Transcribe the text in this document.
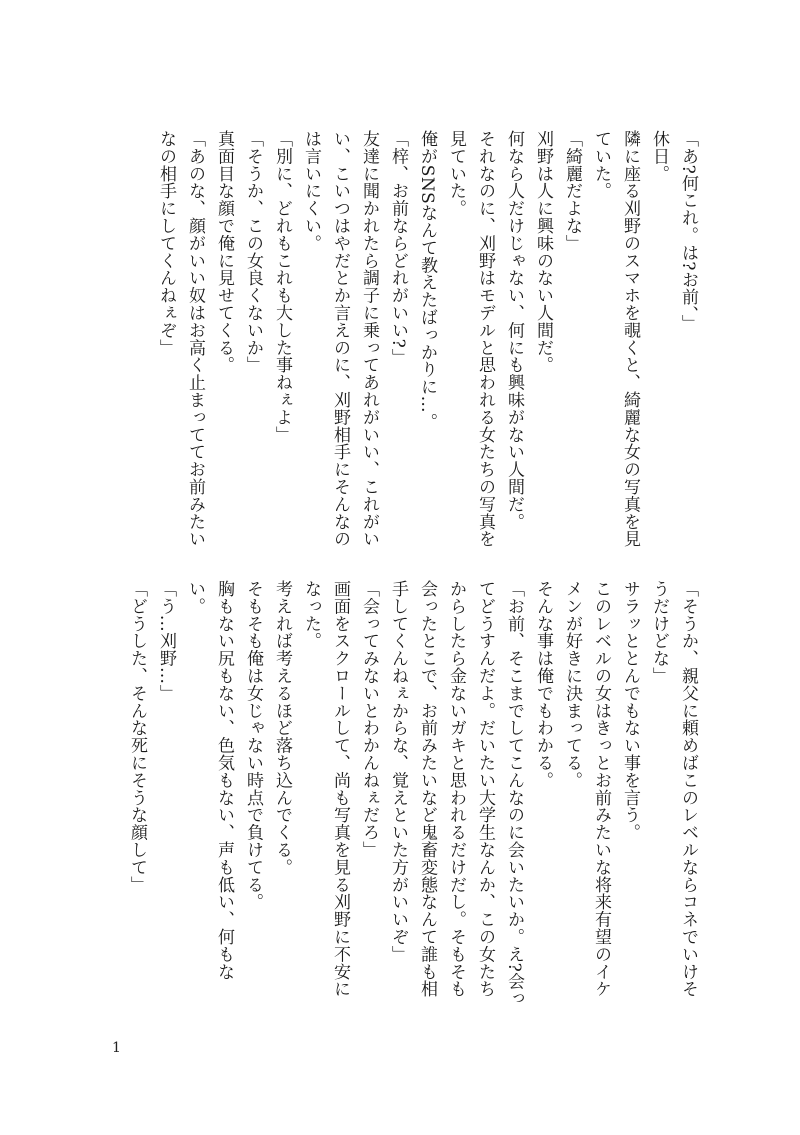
「あ?何これ。は?お前、」

休日。

隣に座る刈野のスマホを覗くと、綺麗な女の写真を見ていた。

「綺麗だよな」

刈野は人に興味のない人間だ。

何なら人だけじゃない、何にも興味がない人間だ。

それなのに、刈野はモデルと思われる女たちの写真を見ていた。

俺がSNSなんて教えたばっかりに…。

「梓、お前ならどれがいい?」

友達に聞かれたら調子に乗ってあれがいい、これがいい、こいつはやだとか言えのに、刈野相手にそんなのは言いにくい。

「別に、どれもこれも大した事ねぇよ」

「そうか、この女良くないか」

真面目な顔で俺に見せてくる。

「あのな、顔がいい奴はお高く止まっててお前みたいなの相手にしてくんねぇぞ」

「そうか、親父に頼めばこのレベルならコネでいけそうだけどな」

サラッととんでもない事を言う。

このレベルの女はきっとお前みたいな将来有望のイケメンが好きに決まってる。

そんな事は俺でもわかる。

「お前、そこまでしてこんなのに会いたいか。え?会ってどうすんだよ。だいたい大学生なんか、この女たちからしたら金ないガキと思われるだけだし。そもそも会ったとこで、お前みたいなど鬼畜変態なんて誰も相手してくんねぇからな、覚えといた方がいいぞ」

「会ってみないとわかんねぇだろ」

画面をスクロールして、尚も写真を見る刈野に不安になった。

考えれば考えるほど落ち込んでくる。

そもそも俺は女じゃない時点で負けてる。

胸もない尻もない、色気もない、声も低い、何もない。

「う…刈野…」

「どうした、そんな死にそうな顔して」

1
